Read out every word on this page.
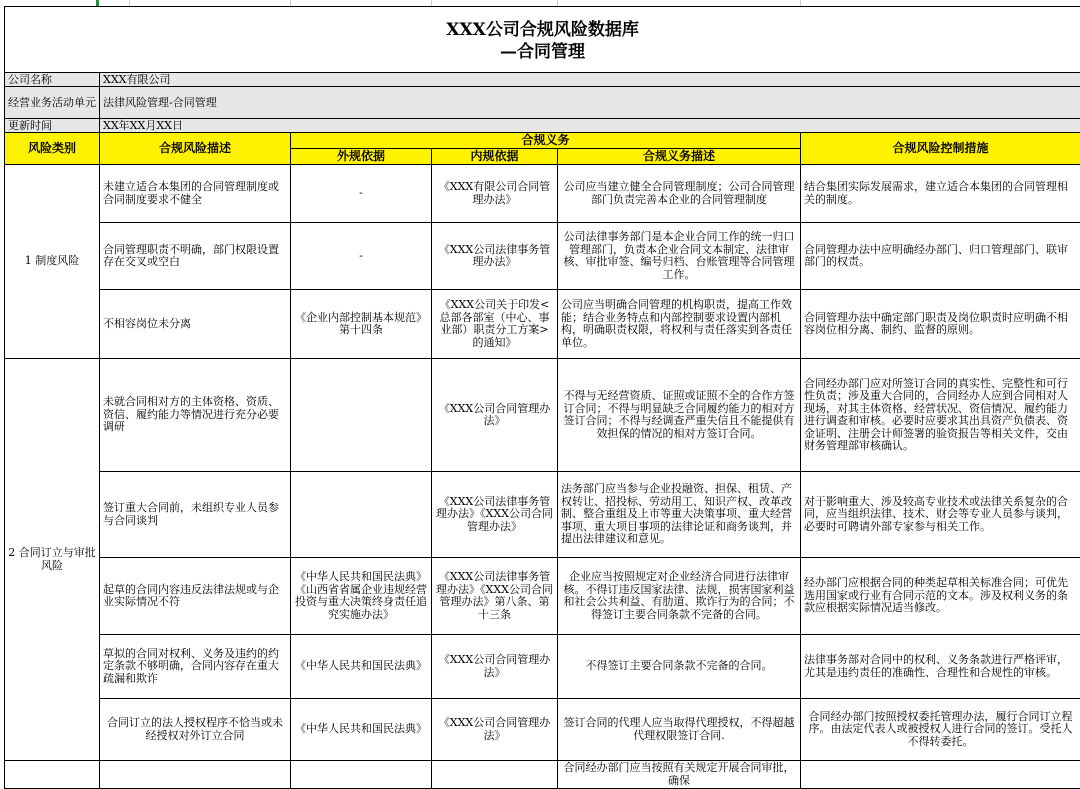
XXX公司合规风险数据库
—合同管理					

公司名称	XXX有限公司				
经营业务活动单元	法律风险管理-合同管理				
更新时间	XX年XX月XX日				
风险类别	合规风险描述	合规义务			合规风险控制措施
		外规依据	内规依据	合规义务描述	
1 制度风险	未建立适合本集团的合同管理制度或合同制度要求不健全	-	《XXX有限公司合同管理办法》	公司应当建立健全合同管理制度；公司合同管理部门负责完善本企业的合同管理制度	结合集团实际发展需求，建立适合本集团的合同管理相关的制度。
	合同管理职责不明确，部门权限设置存在交叉或空白	-	《XXX公司法律事务管理办法》	公司法律事务部门是本企业合同工作的统一归口管理部门，负责本企业合同文本制定、法律审核、审批审签、编号归档、台账管理等合同管理工作。	合同管理办法中应明确经办部门、归口管理部门、联审部门的权责。
	不相容岗位未分离	《企业内部控制基本规范》第十四条	《XXX公司关于印发<总部各部室（中心、事业部）职责分工方案>的通知》	公司应当明确合同管理的机构职责，提高工作效能；结合业务特点和内部控制要求设置内部机构，明确职责权限，将权利与责任落实到各责任单位。	合同管理办法中确定部门职责及岗位职责时应明确不相容岗位相分离、制约、监督的原则。
2 合同订立与审批风险	未就合同相对方的主体资格、资质、资信、履约能力等情况进行充分必要调研		《XXX公司合同管理办法》	不得与无经营资质、证照或证照不全的合作方签订合同；不得与明显缺乏合同履约能力的相对方签订合同；不得与经调查严重失信且不能提供有效担保的情况的相对方签订合同。	合同经办部门应对所签订合同的真实性、完整性和可行性负责；涉及重大合同的，合同经办人应到合同相对人现场，对其主体资格、经营状况、资信情况、履约能力进行调查和审核。必要时应要求其出具资产负债表、资金证明、注册会计师签署的验资报告等相关文件，交由财务管理部审核确认。
	签订重大合同前，未组织专业人员参与合同谈判		《XXX公司法律事务管理办法》《XXX公司合同管理办法》	法务部门应当参与企业投融资、担保、租赁、产权转让、招投标、劳动用工、知识产权、改革改制、整合重组及上市等重大决策事项、重大经营事项、重大项目事项的法律论证和商务谈判，并提出法律建议和意见。	对于影响重大、涉及较高专业技术或法律关系复杂的合同，应当组织法律、技术、财会等专业人员参与谈判，必要时可聘请外部专家参与相关工作。
	起草的合同内容违反法律法规或与企业实际情况不符	《中华人民共和国民法典》《山西省省属企业违规经营投资与重大决策终身责任追究实施办法》	《XXX公司法律事务管理办法》《XXX公司合同管理办法》第八条、第十三条	企业应当按照规定对企业经济合同进行法律审核。不得订违反国家法律、法规，损害国家利益和社会公共利益、有肋道、欺诈行为的合同；不得签订主要合同条款不完备的合同。	经办部门应根据合同的种类起草相关标准合同；可优先选用国家或行业有合同示范的文本。涉及权利义务的条款应根据实际情况适当修改。
	草拟的合同对权利、义务及违约的约定条款不够明确，合同内容存在重大疏漏和欺诈	《中华人民共和国民法典》	《XXX公司合同管理办法》	不得签订主要合同条款不完备的合同。	法律事务部对合同中的权利、义务条款进行严格评审，尤其是违约责任的准确性、合理性和合规性的审核。
	合同订立的法人授权程序不恰当或未经授权对外订立合同	《中华人民共和国民法典》	《XXX公司合同管理办法》	签订合同的代理人应当取得代理授权，不得超越代理权限签订合同.	合同经办部门按照授权委托管理办法，履行合同订立程序。由法定代表人或被授权人进行合同的签订。受托人不得转委托。
				合同经办部门应当按照有关规定开展合同审批，确保	
